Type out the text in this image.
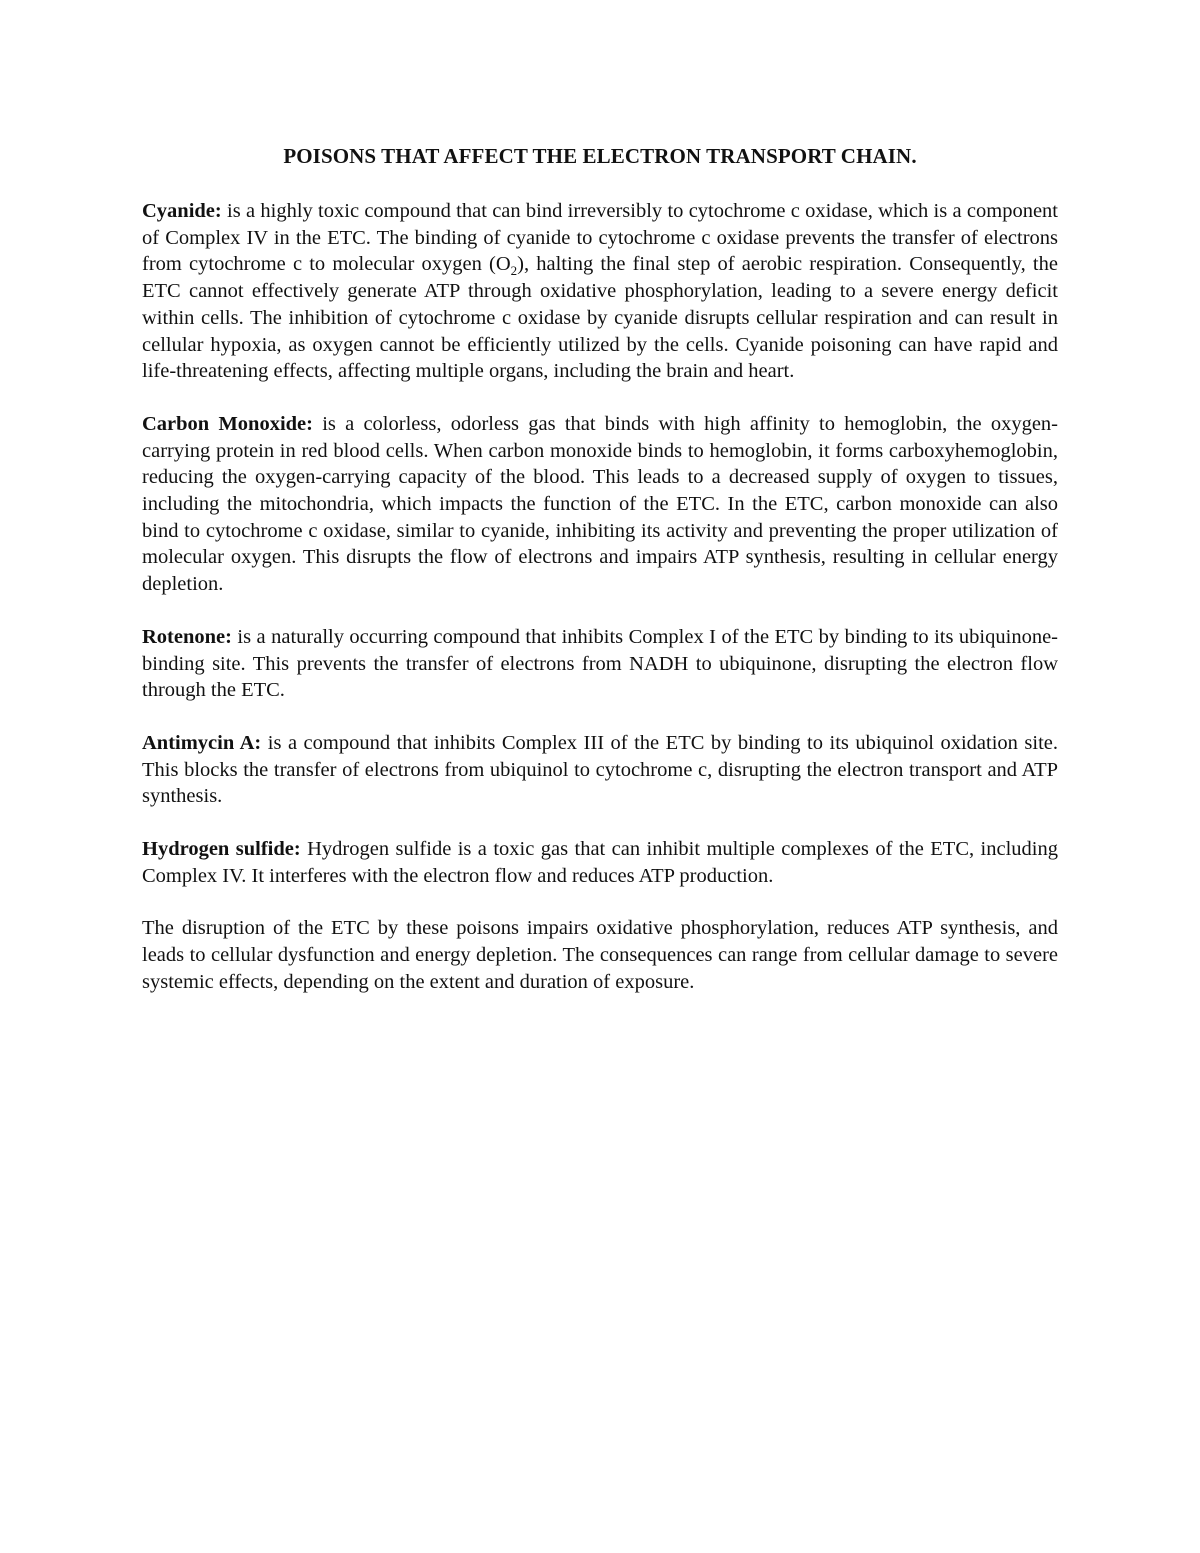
POISONS THAT AFFECT THE ELECTRON TRANSPORT CHAIN.

Cyanide: is a highly toxic compound that can bind irreversibly to cytochrome c oxidase, which is a component of Complex IV in the ETC. The binding of cyanide to cytochrome c oxidase prevents the transfer of electrons from cytochrome c to molecular oxygen $(O_2)$, halting the final step of aerobic respiration. Consequently, the ETC cannot effectively generate ATP through oxidative phosphorylation, leading to a severe energy deficit within cells. The inhibition of cytochrome c oxidase by cyanide disrupts cellular respiration and can result in cellular hypoxia, as oxygen cannot be efficiently utilized by the cells. Cyanide poisoning can have rapid and life-threatening effects, affecting multiple organs, including the brain and heart.

Carbon Monoxide: is a colorless, odorless gas that binds with high affinity to hemoglobin, the oxygen-carrying protein in red blood cells. When carbon monoxide binds to hemoglobin, it forms carboxyhemoglobin, reducing the oxygen-carrying capacity of the blood. This leads to a decreased supply of oxygen to tissues, including the mitochondria, which impacts the function of the ETC. In the ETC, carbon monoxide can also bind to cytochrome c oxidase, similar to cyanide, inhibiting its activity and preventing the proper utilization of molecular oxygen. This disrupts the flow of electrons and impairs ATP synthesis, resulting in cellular energy depletion.

Rotenone: is a naturally occurring compound that inhibits Complex I of the ETC by binding to its ubiquinone-binding site. This prevents the transfer of electrons from NADH to ubiquinone, disrupting the electron flow through the ETC.

Antimycin A: is a compound that inhibits Complex III of the ETC by binding to its ubiquinol oxidation site. This blocks the transfer of electrons from ubiquinol to cytochrome c, disrupting the electron transport and ATP synthesis.

Hydrogen sulfide: Hydrogen sulfide is a toxic gas that can inhibit multiple complexes of the ETC, including Complex IV. It interferes with the electron flow and reduces ATP production.

The disruption of the ETC by these poisons impairs oxidative phosphorylation, reduces ATP synthesis, and leads to cellular dysfunction and energy depletion. The consequences can range from cellular damage to severe systemic effects, depending on the extent and duration of exposure.
